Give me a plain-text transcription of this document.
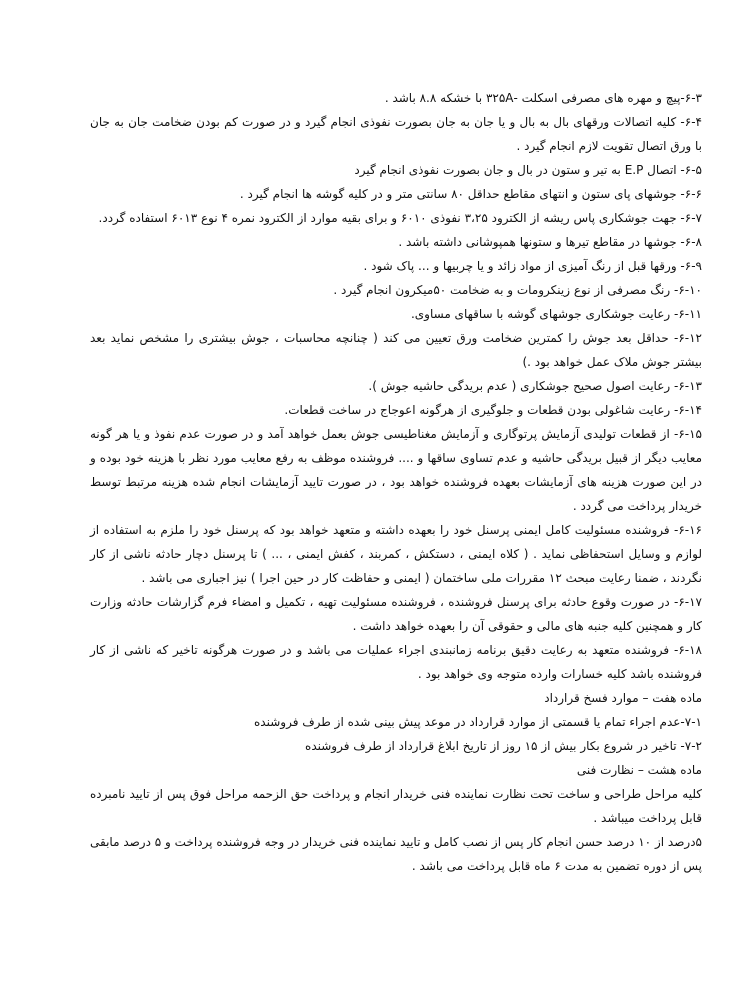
۶-۳-پیچ و مهره های مصرفی اسکلت -۳۲۵A با خشکه ۸.۸ باشد .

۶-۴- کلیه اتصالات ورقهای بال به بال و یا جان به جان بصورت نفوذی انجام گیرد و در صورت کم بودن ضخامت جان به جان با ورق اتصال تقویت لازم انجام گیرد .

۶-۵- اتصال E.P به تیر و ستون در بال و جان بصورت نفوذی انجام گیرد

۶-۶- جوشهای پای ستون و انتهای مقاطع حداقل ۸۰ سانتی متر و در کلیه گوشه ها انجام گیرد .

۶-۷- جهت جوشکاری پاس ریشه از الکترود ۳،۲۵ نفوذی ۶۰۱۰ و برای بقیه موارد از الکترود نمره ۴ نوع ۶۰۱۳ استفاده گردد.

۶-۸- جوشها در مقاطع تیرها و ستونها همپوشانی داشته باشد .

۶-۹- ورقها قبل از رنگ آمیزی از مواد زائد و یا چربیها و ... پاک شود .

۶-۱۰- رنگ مصرفی از نوع زینکرومات و به ضخامت ۵۰میکرون انجام گیرد .

۶-۱۱- رعایت جوشکاری جوشهای گوشه با ساقهای مساوی.

۶-۱۲- حداقل بعد جوش را کمترین ضخامت ورق تعیین می کند ( چنانچه محاسبات ، جوش بیشتری را مشخص نماید بعد بیشتر جوش ملاک عمل خواهد بود .)

۶-۱۳- رعایت اصول صحیح جوشکاری ( عدم بریدگی حاشیه جوش ).

۶-۱۴- رعایت شاغولی بودن قطعات و جلوگیری از هرگونه اعوجاج در ساخت قطعات.

۶-۱۵- از قطعات تولیدی آزمایش پرتوگاری و آزمایش مغناطیسی جوش بعمل خواهد آمد و در صورت عدم نفوذ و یا هر گونه معایب دیگر از قبیل بریدگی حاشیه و عدم تساوی ساقها و .... فروشنده موظف به رفع معایب مورد نظر با هزینه خود بوده و در این صورت هزینه های آزمایشات بعهده فروشنده خواهد بود ، در صورت تایید آزمایشات انجام شده هزینه مرتبط توسط خریدار پرداخت می گردد .

۶-۱۶- فروشنده مسئولیت کامل ایمنی پرسنل خود را بعهده داشته و متعهد خواهد بود که پرسنل خود را ملزم به استفاده از لوازم و وسایل استحفاظی نماید . ( کلاه ایمنی ، دستکش ، کمربند ، کفش ایمنی ، ... ) تا پرسنل دچار حادثه ناشی از کار نگردند ، ضمنا رعایت مبحث ۱۲ مقررات ملی ساختمان ( ایمنی و حفاظت کار در حین اجرا ) نیز اجباری می باشد .

۶-۱۷- در صورت وقوع حادثه برای پرسنل فروشنده ، فروشنده مسئولیت تهیه ، تکمیل و امضاء فرم گزارشات حادثه وزارت کار و همچنین کلیه جنبه های مالی و حقوقی آن را بعهده خواهد داشت .

۶-۱۸- فروشنده متعهد به رعایت دقیق برنامه زمانبندی اجراء عملیات می باشد و در صورت هرگونه تاخیر که ناشی از کار فروشنده باشد کلیه خسارات وارده متوجه وی خواهد بود .

ماده هفت – موارد فسخ قرارداد

۷-۱-عدم اجراء تمام یا قسمتی از موارد قرارداد در موعد پیش بینی شده از طرف فروشنده

۷-۲- تاخیر در شروع بکار بیش از ۱۵ روز از تاریخ ابلاغ قرارداد از طرف فروشنده

ماده هشت – نظارت فنی

کلیه مراحل طراحی و ساخت تحت نظارت نماینده فنی خریدار انجام و پرداخت حق الزحمه مراحل فوق پس از تایید نامبرده قابل پرداخت میباشد .

۵درصد از ۱۰ درصد حسن انجام کار پس از نصب کامل و تایید نماینده فنی خریدار در وجه فروشنده پرداخت و ۵ درصد مابقی پس از دوره تضمین به مدت ۶ ماه قابل پرداخت می باشد .
